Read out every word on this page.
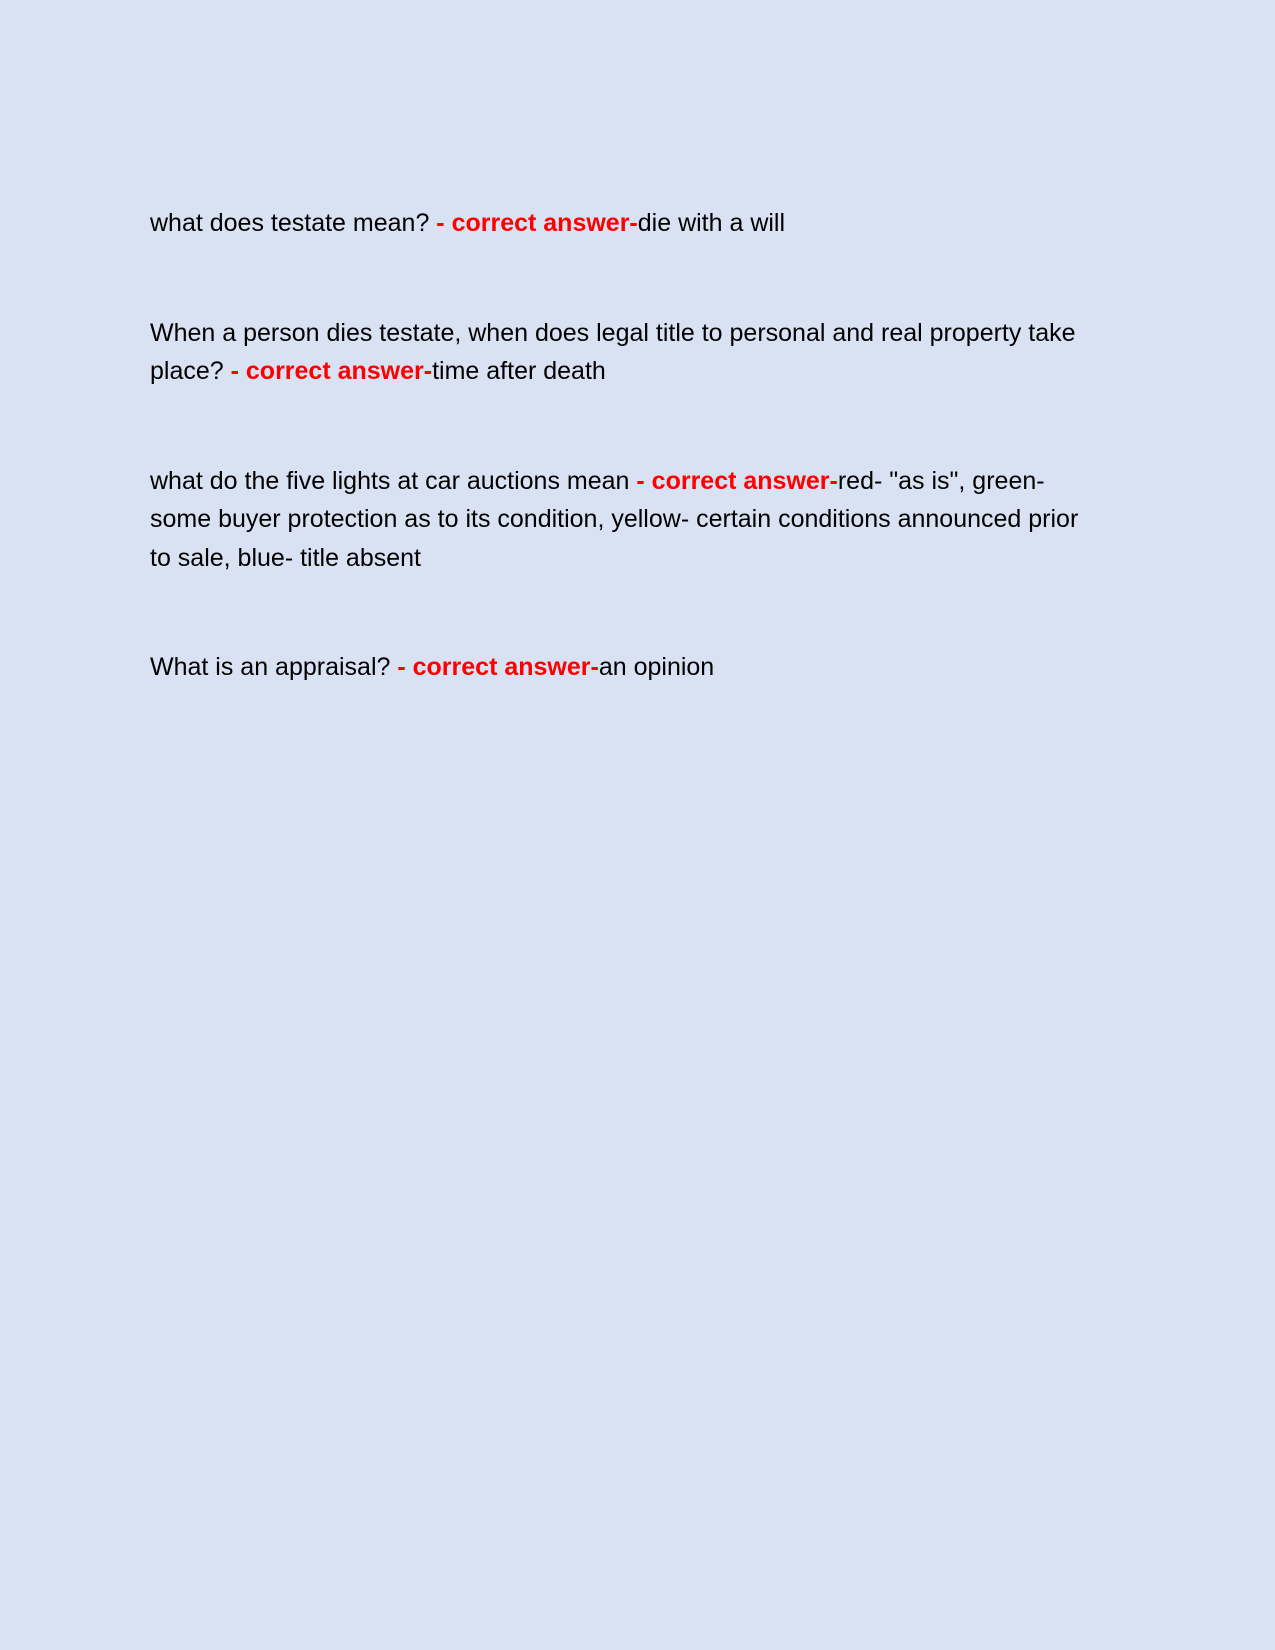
what does testate mean? - correct answer-die with a will

When a person dies testate, when does legal title to personal and real property take place? - correct answer-time after death

what do the five lights at car auctions mean - correct answer-red- "as is", green- some buyer protection as to its condition, yellow- certain conditions announced prior to sale, blue- title absent

What is an appraisal? - correct answer-an opinion
